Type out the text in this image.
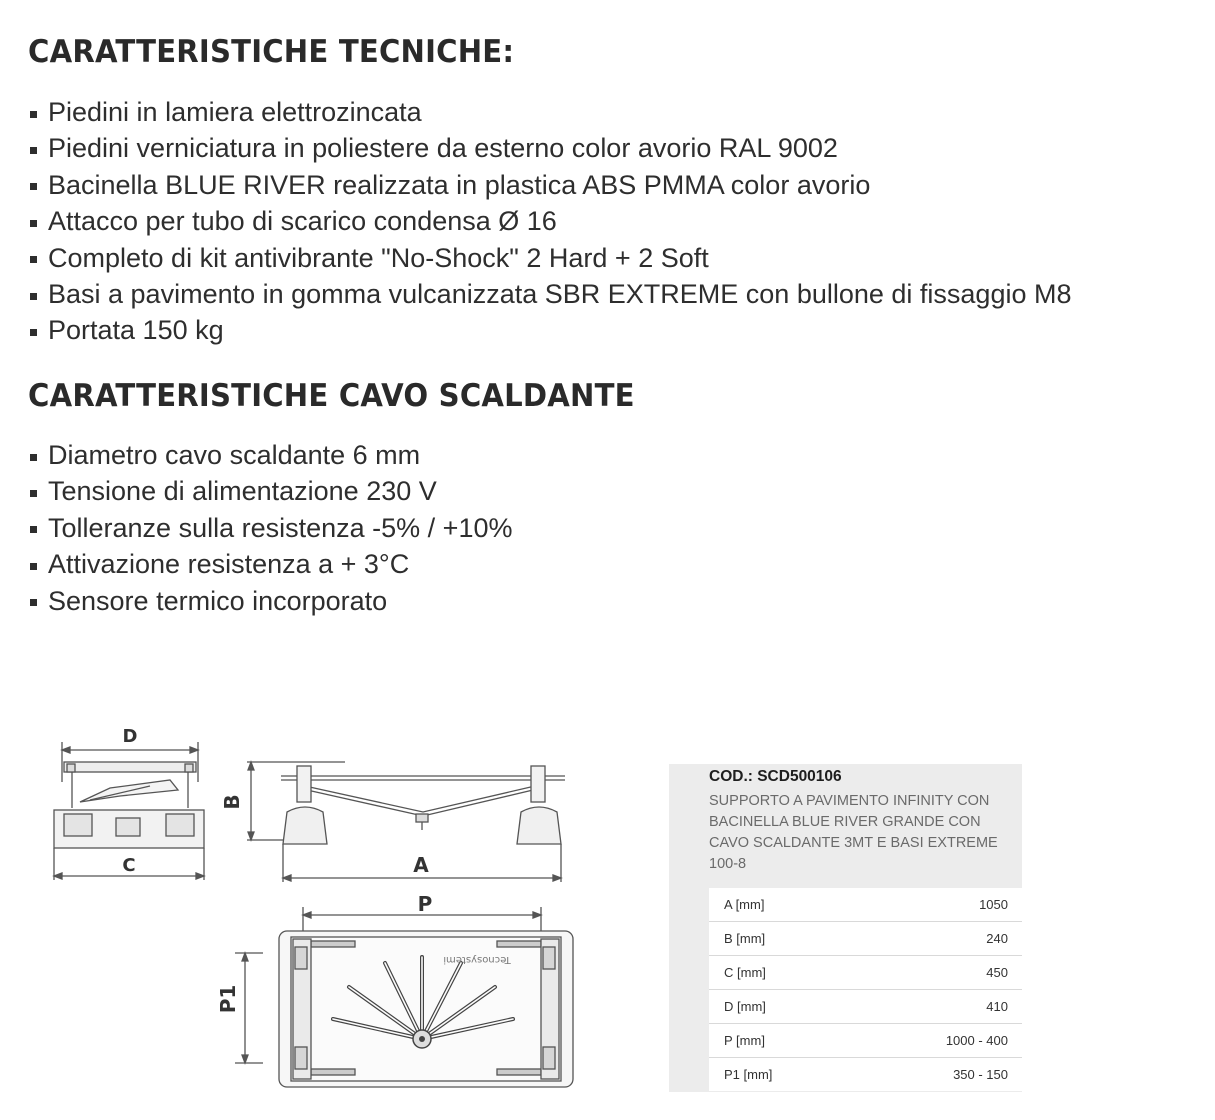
CARATTERISTICHE TECNICHE:
Piedini in lamiera elettrozincata
Piedini verniciatura in poliestere da esterno color avorio RAL 9002
Bacinella BLUE RIVER realizzata in plastica ABS PMMA color avorio
Attacco per tubo di scarico condensa Ø 16
Completo di kit antivibrante "No-Shock" 2 Hard + 2 Soft
Basi a pavimento in gomma vulcanizzata SBR EXTREME con bullone di fissaggio M8
Portata 150 kg
CARATTERISTICHE CAVO SCALDANTE
Diametro cavo scaldante 6 mm
Tensione di alimentazione 230 V
Tolleranze sulla resistenza -5% / +10%
Attivazione resistenza a + 3°C
Sensore termico incorporato
D
C
B
A
Tecnosystemi
P
P1
COD.: SCD500106
SUPPORTO A PAVIMENTO INFINITY CON BACINELLA BLUE RIVER GRANDE CON CAVO SCALDANTE 3MT E BASI EXTREME 100-8
A [mm]	1050
B [mm]	240
C [mm]	450
D [mm]	410
P [mm]	1000 - 400
P1 [mm]	350 - 150
